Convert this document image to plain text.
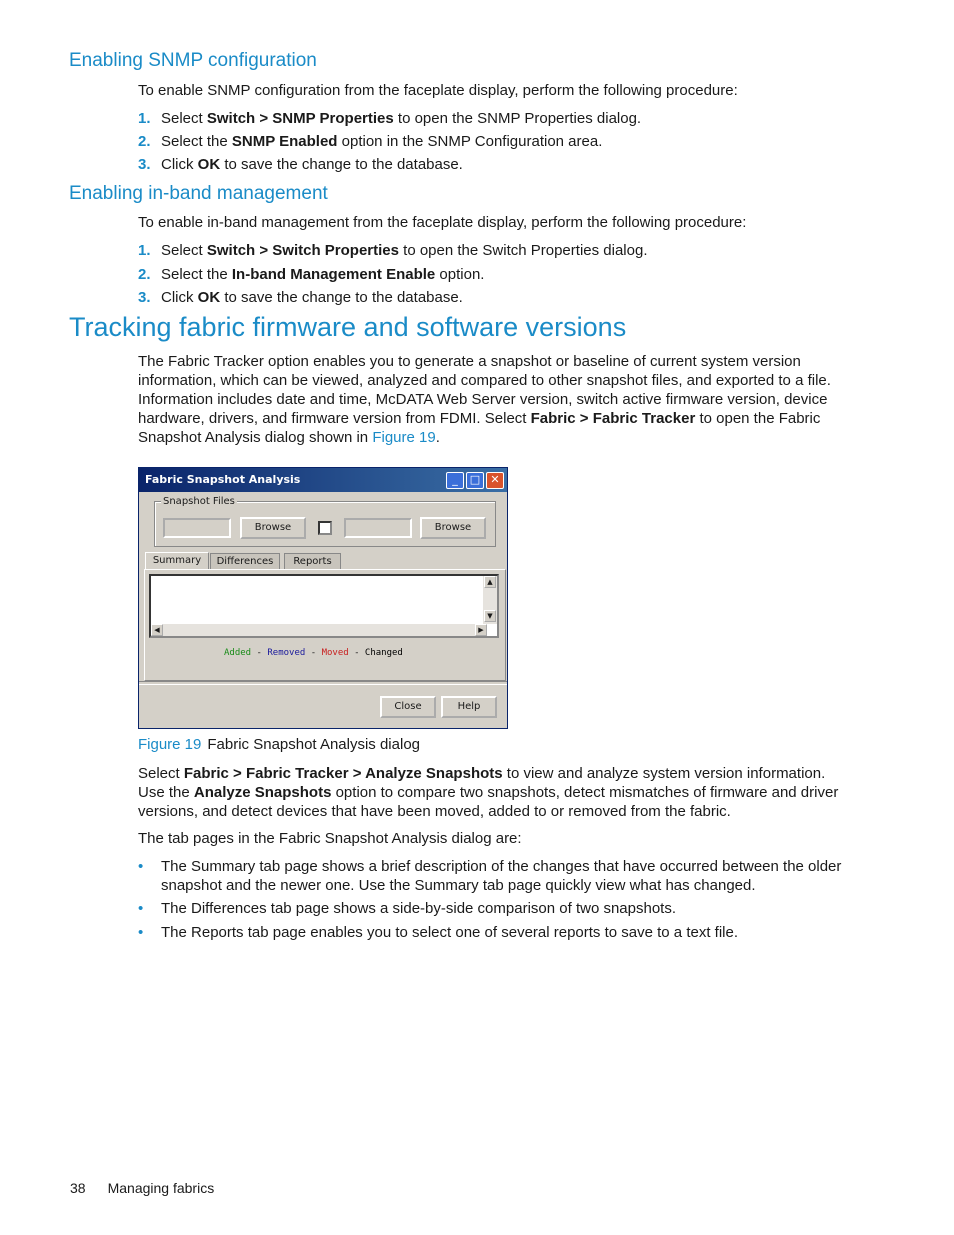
Enabling SNMP configuration

To enable SNMP configuration from the faceplate display, perform the following procedure:

1. Select Switch > SNMP Properties to open the SNMP Properties dialog.
2. Select the SNMP Enabled option in the SNMP Configuration area.
3. Click OK to save the change to the database.
Enabling in-band management

To enable in-band management from the faceplate display, perform the following procedure:

1. Select Switch > Switch Properties to open the Switch Properties dialog.
2. Select the In-band Management Enable option.
3. Click OK to save the change to the database.
Tracking fabric firmware and software versions

The Fabric Tracker option enables you to generate a snapshot or baseline of current system version information, which can be viewed, analyzed and compared to other snapshot files, and exported to a file. Information includes date and time, McDATA Web Server version, switch active firmware version, device hardware, drivers, and firmware version from FDMI. Select Fabric > Fabric Tracker to open the Fabric Snapshot Analysis dialog shown in Figure 19.

Fabric Snapshot Analysis	_	□ ✕
Snapshot Files
Browse	Browse
Summary	Differences	Reports
▲
▼
◀	▶
Added - Removed - Moved - Changed
Close	Help
Figure 19 Fabric Snapshot Analysis dialog

Select Fabric > Fabric Tracker > Analyze Snapshots to view and analyze system version information. Use the Analyze Snapshots option to compare two snapshots, detect mismatches of firmware and driver versions, and detect devices that have been moved, added to or removed from the fabric.

The tab pages in the Fabric Snapshot Analysis dialog are:

• The Summary tab page shows a brief description of the changes that have occurred between the older snapshot and the newer one. Use the Summary tab page quickly view what has changed.
• The Differences tab page shows a side-by-side comparison of two snapshots.
• The Reports tab page enables you to select one of several reports to save to a text file.
38 Managing fabrics
